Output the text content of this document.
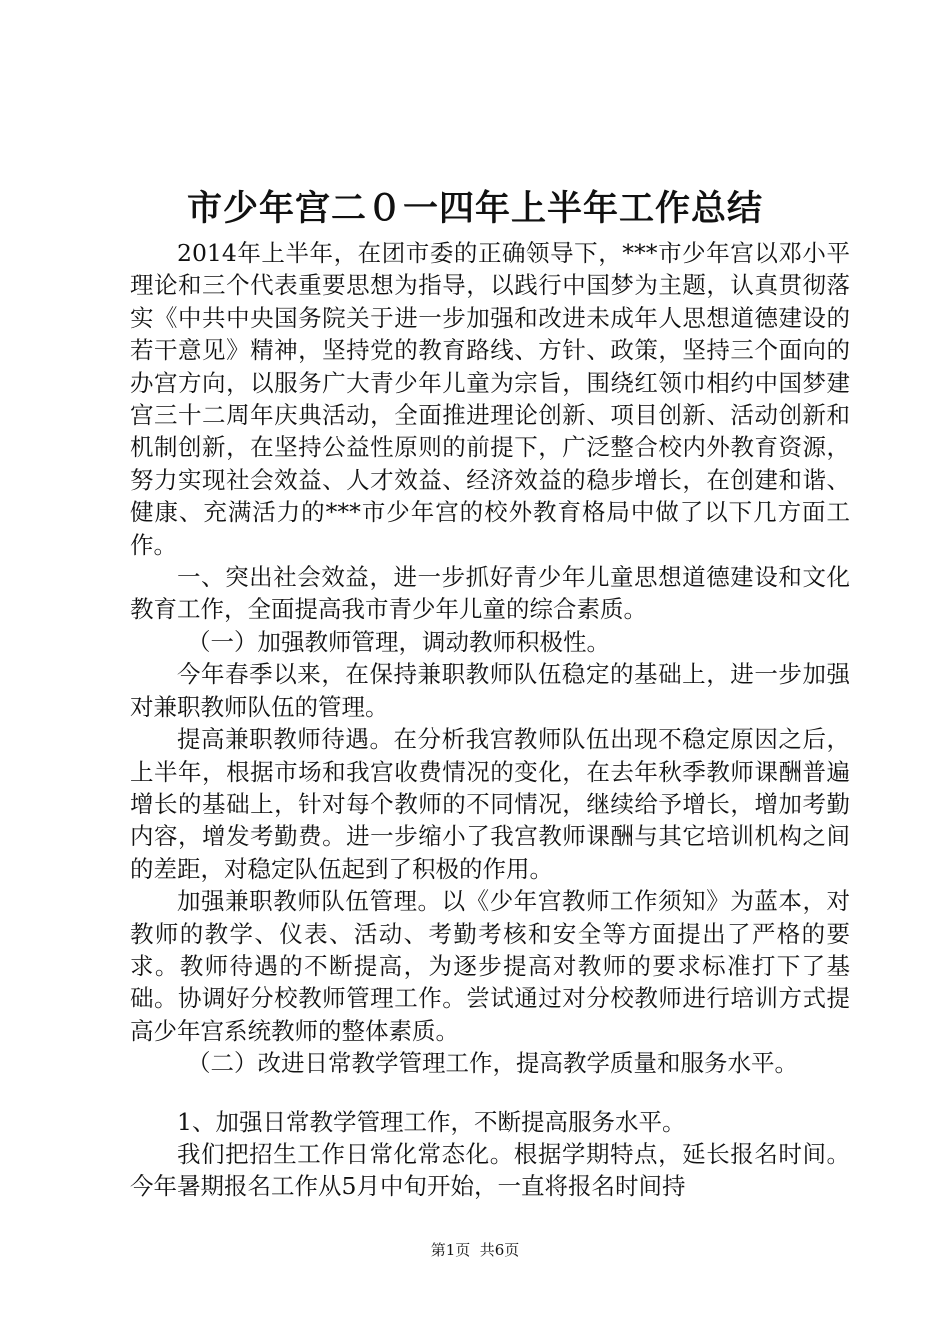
市少年宫二０一四年上半年工作总结

2014年上半年，在团市委的正确领导下，***市少年宫以邓小平理论和三个代表重要思想为指导，以践行中国梦为主题，认真贯彻落实《中共中央国务院关于进一步加强和改进未成年人思想道德建设的若干意见》精神，坚持党的教育路线、方针、政策，坚持三个面向的办宫方向，以服务广大青少年儿童为宗旨，围绕红领巾相约中国梦建宫三十二周年庆典活动，全面推进理论创新、项目创新、活动创新和机制创新，在坚持公益性原则的前提下，广泛整合校内外教育资源，努力实现社会效益、人才效益、经济效益的稳步增长，在创建和谐、健康、充满活力的***市少年宫的校外教育格局中做了以下几方面工作。

一、突出社会效益，进一步抓好青少年儿童思想道德建设和文化教育工作，全面提高我市青少年儿童的综合素质。

（一）加强教师管理，调动教师积极性。

今年春季以来，在保持兼职教师队伍稳定的基础上，进一步加强对兼职教师队伍的管理。

提高兼职教师待遇。在分析我宫教师队伍出现不稳定原因之后，上半年，根据市场和我宫收费情况的变化，在去年秋季教师课酬普遍增长的基础上，针对每个教师的不同情况，继续给予增长，增加考勤内容，增发考勤费。进一步缩小了我宫教师课酬与其它培训机构之间的差距，对稳定队伍起到了积极的作用。

加强兼职教师队伍管理。以《少年宫教师工作须知》为蓝本，对教师的教学、仪表、活动、考勤考核和安全等方面提出了严格的要求。教师待遇的不断提高，为逐步提高对教师的要求标准打下了基础。协调好分校教师管理工作。尝试通过对分校教师进行培训方式提高少年宫系统教师的整体素质。

（二）改进日常教学管理工作，提高教学质量和服务水平。

1、加强日常教学管理工作，不断提高服务水平。

我们把招生工作日常化常态化。根据学期特点，延长报名时间。今年暑期报名工作从5月中旬开始，一直将报名时间持

第1页  共6页
